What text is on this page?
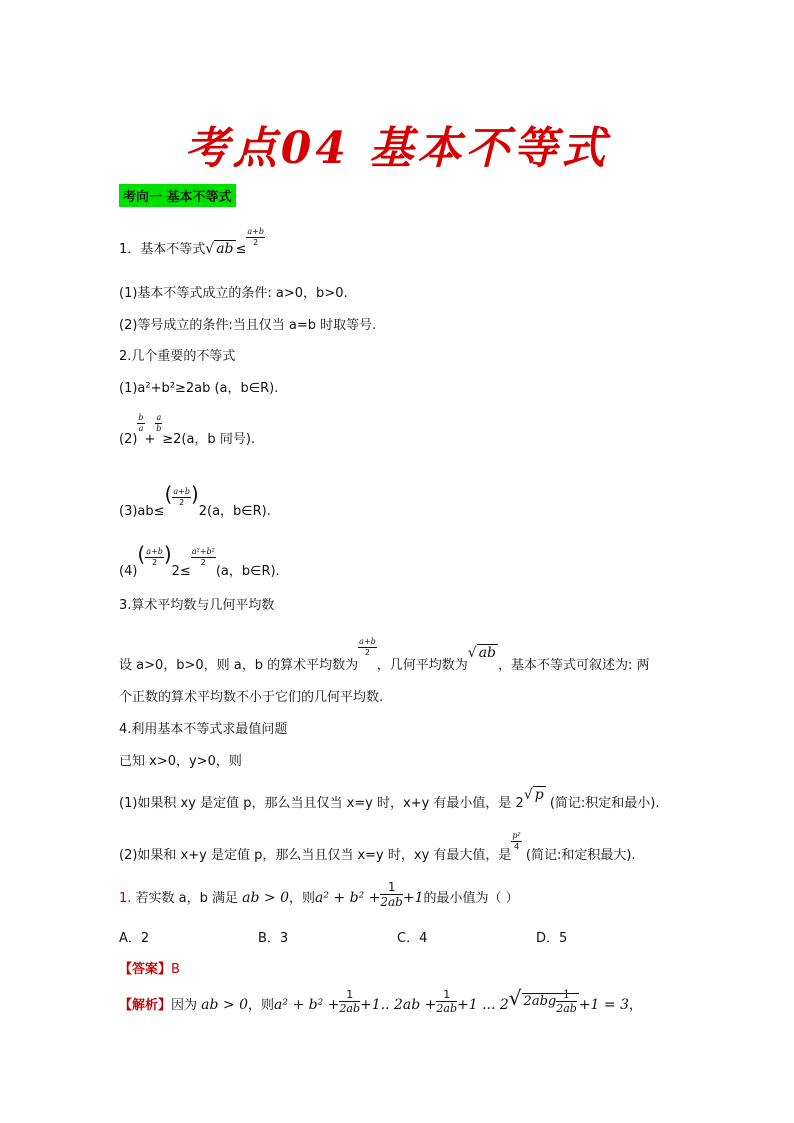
考点04 基本不等式
考向一 基本不等式
1．基本不等式√ ab ≤
$\frac{a+b}{2}$
(1)基本不等式成立的条件: a>0，b>0.
(2)等号成立的条件:当且仅当 a=b 时取等号.
2.几个重要的不等式
(1)a²+b²≥2ab (a，b∈R).
(2)
$\frac{b}{a}$
+
$\frac{a}{b}$
≥2(a，b 同号).
$(3)ab\le( \frac{a+b}{2} )2(a$，b∈R).
$(4)( \frac{a+b}{2} )2\le$
$\frac{\text{a²+b²}}{2}$
(a，b∈R).
3.算术平均数与几何平均数
设 a>0，b>0，则 a，b 的算术平均数为
$\frac{a+b}{2}$
，几何平均数为√ ab，基本不等式可叙述为: 两
个正数的算术平均数不小于它们的几何平均数.
4.利用基本不等式求最值问题
已知 x>0，y>0，则
(1)如果积 xy 是定值 p，那么当且仅当 x=y 时，x+y 有最小值，是 2√ p (简记:积定和最小).
(2)如果和 x+y 是定值 p，那么当且仅当 x=y 时，xy 有最大值，是
$\frac{\text{p²}}{4}$
(简记:和定积最大).
1. 若实数 a，b 满足 ab > 0，则$a^2 + b^2 + \frac{1}{2ab} +1$的最小值为（ ）
A．2	B．3	C．4	D．5
【答案】B
【解析】因为 ab > 0，则$a^2 + b^2 + \frac{1}{2ab} +1$.. $2ab + \frac{1}{2ab} +1$ ... 2√ $2abg \frac{1}{2ab} +1 = 3$，
